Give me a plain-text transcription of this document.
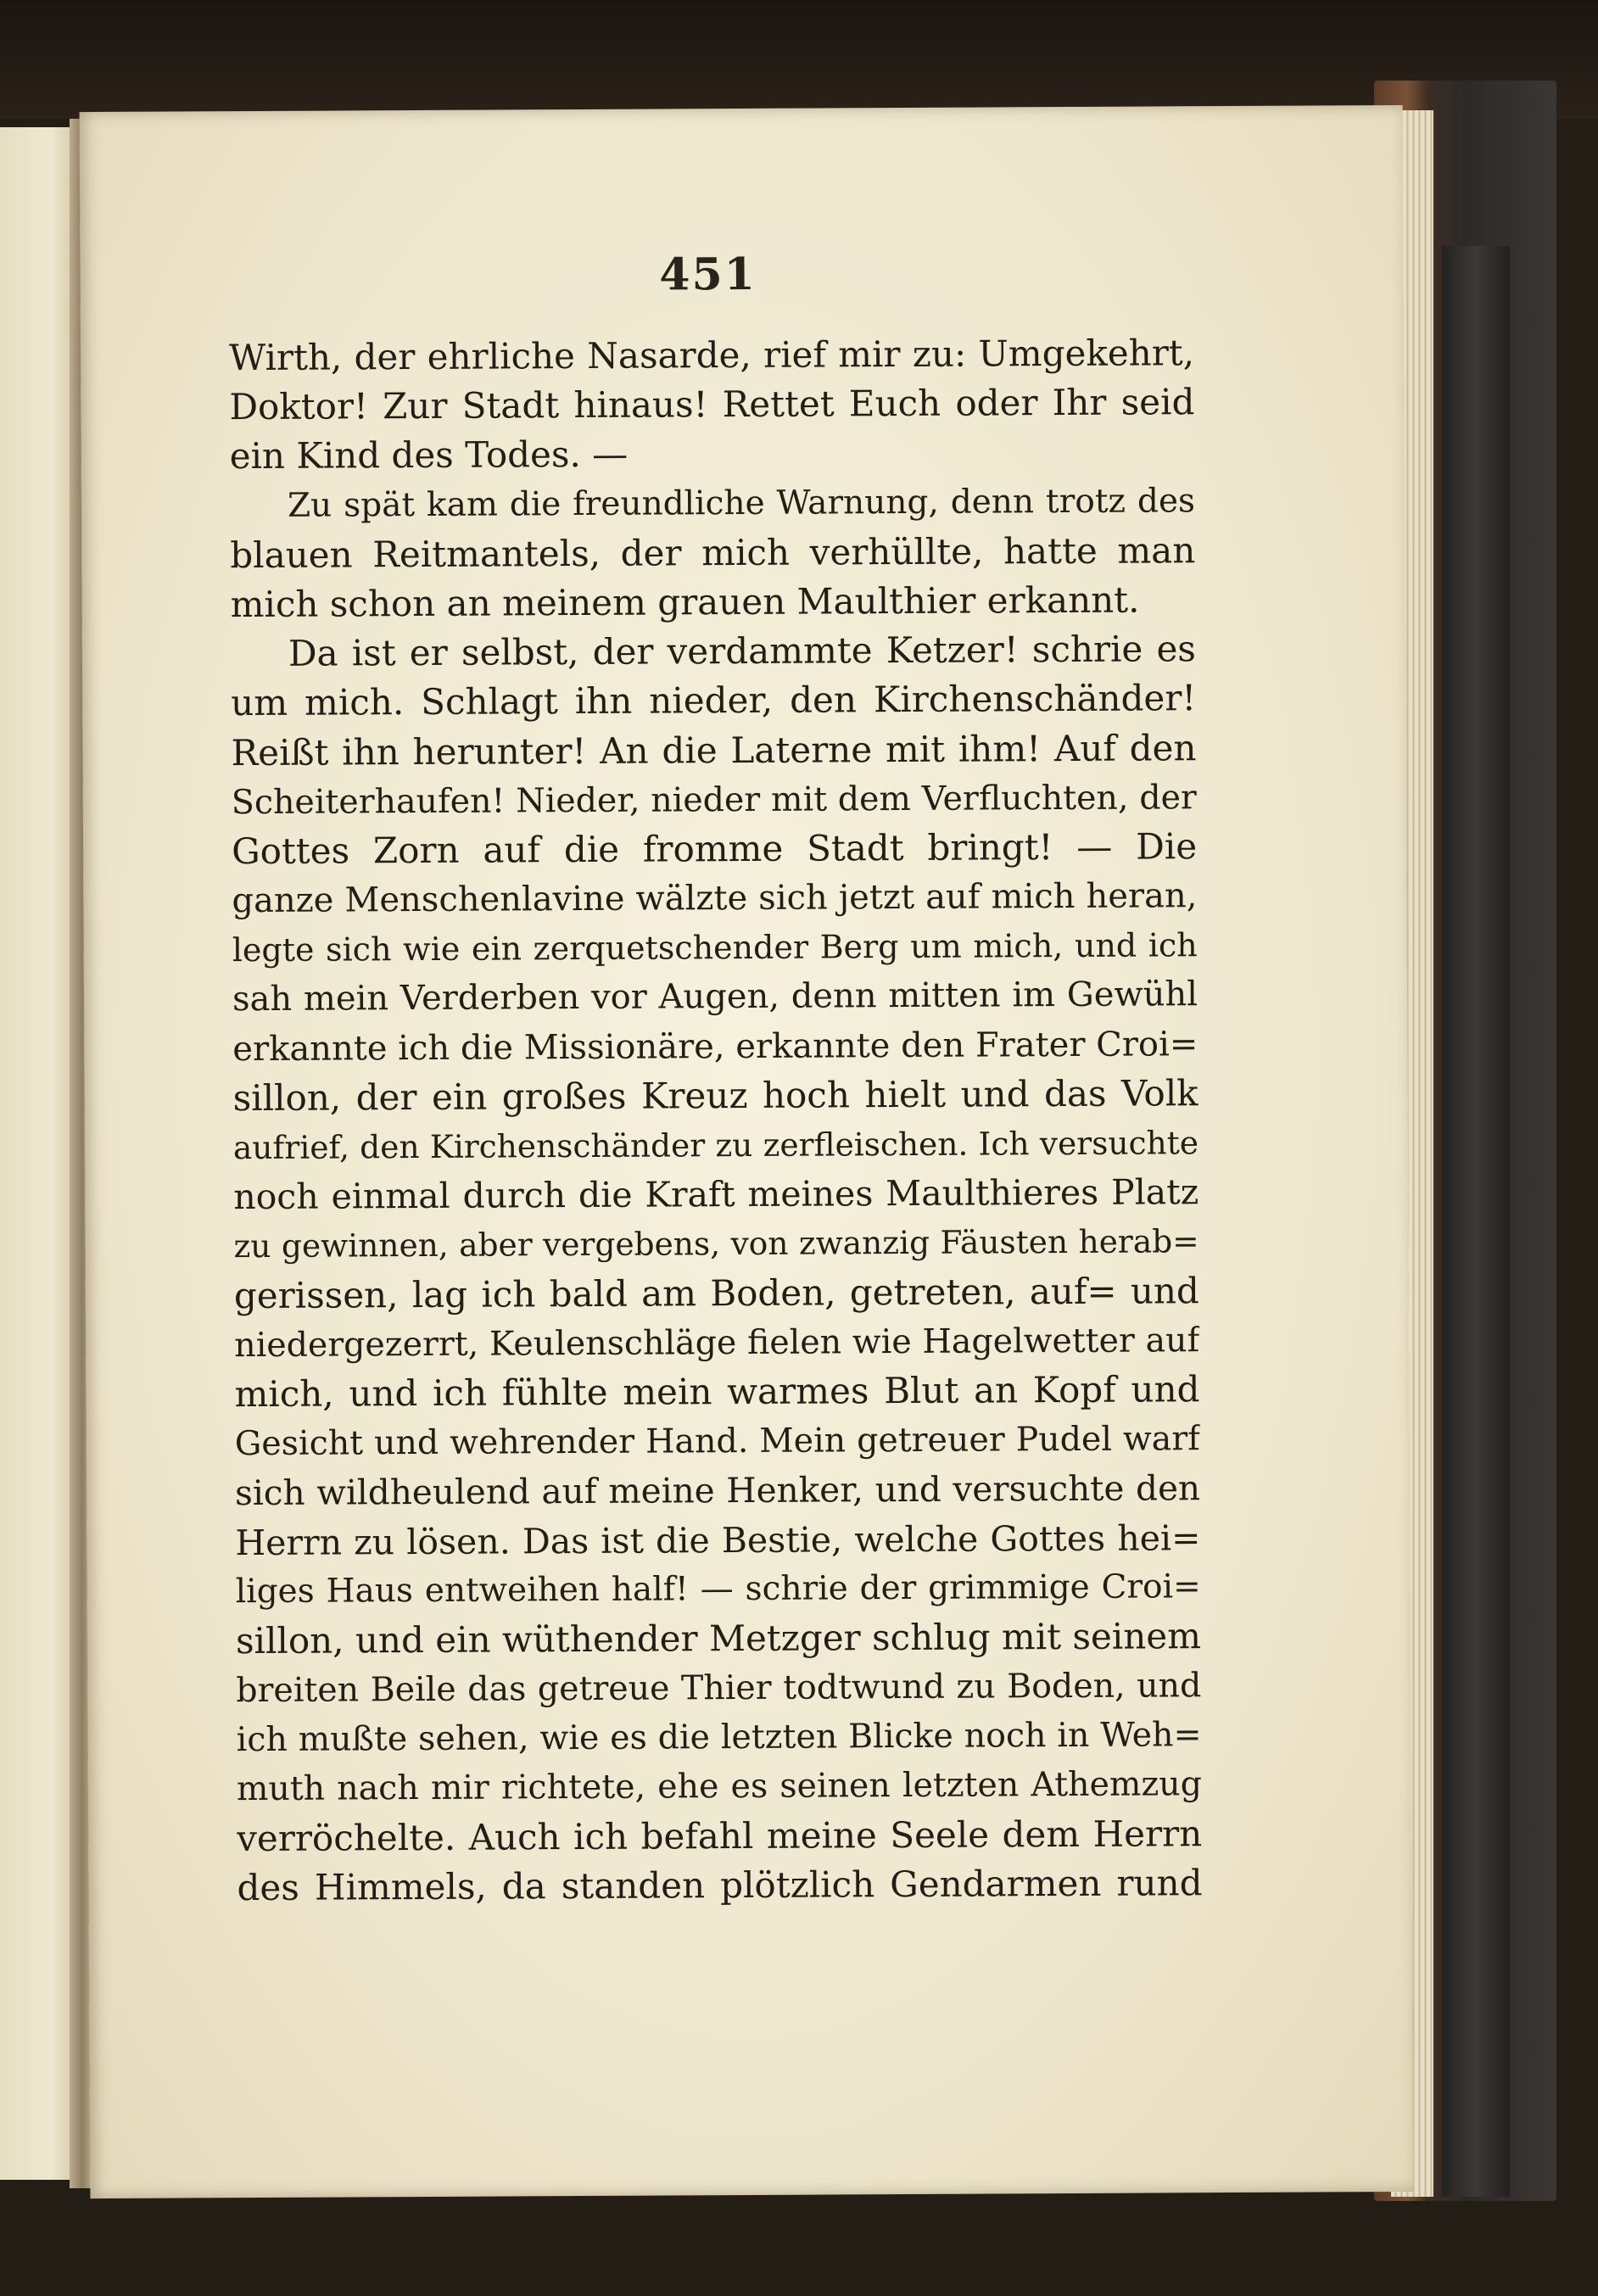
451
Wirth, der ehrliche Nasarde, rief mir zu: Umgekehrt,
Doktor! Zur Stadt hinaus! Rettet Euch oder Ihr seid
ein Kind des Todes. —
Zu spät kam die freundliche Warnung, denn trotz des
blauen Reitmantels, der mich verhüllte, hatte man
mich schon an meinem grauen Maulthier erkannt.
Da ist er selbst, der verdammte Ketzer! schrie es
um mich. Schlagt ihn nieder, den Kirchenschänder!
Reißt ihn herunter! An die Laterne mit ihm! Auf den
Scheiterhaufen! Nieder, nieder mit dem Verfluchten, der
Gottes Zorn auf die fromme Stadt bringt! — Die
ganze Menschenlavine wälzte sich jetzt auf mich heran,
legte sich wie ein zerquetschender Berg um mich, und ich
sah mein Verderben vor Augen, denn mitten im Gewühl
erkannte ich die Missionäre, erkannte den Frater Croi=
sillon, der ein großes Kreuz hoch hielt und das Volk
aufrief, den Kirchenschänder zu zerfleischen. Ich versuchte
noch einmal durch die Kraft meines Maulthieres Platz
zu gewinnen, aber vergebens, von zwanzig Fäusten herab=
gerissen, lag ich bald am Boden, getreten, auf= und
niedergezerrt, Keulenschläge fielen wie Hagelwetter auf
mich, und ich fühlte mein warmes Blut an Kopf und
Gesicht und wehrender Hand. Mein getreuer Pudel warf
sich wildheulend auf meine Henker, und versuchte den
Herrn zu lösen. Das ist die Bestie, welche Gottes hei=
liges Haus entweihen half! — schrie der grimmige Croi=
sillon, und ein wüthender Metzger schlug mit seinem
breiten Beile das getreue Thier todtwund zu Boden, und
ich mußte sehen, wie es die letzten Blicke noch in Weh=
muth nach mir richtete, ehe es seinen letzten Athemzug
verröchelte. Auch ich befahl meine Seele dem Herrn
des Himmels, da standen plötzlich Gendarmen rund
